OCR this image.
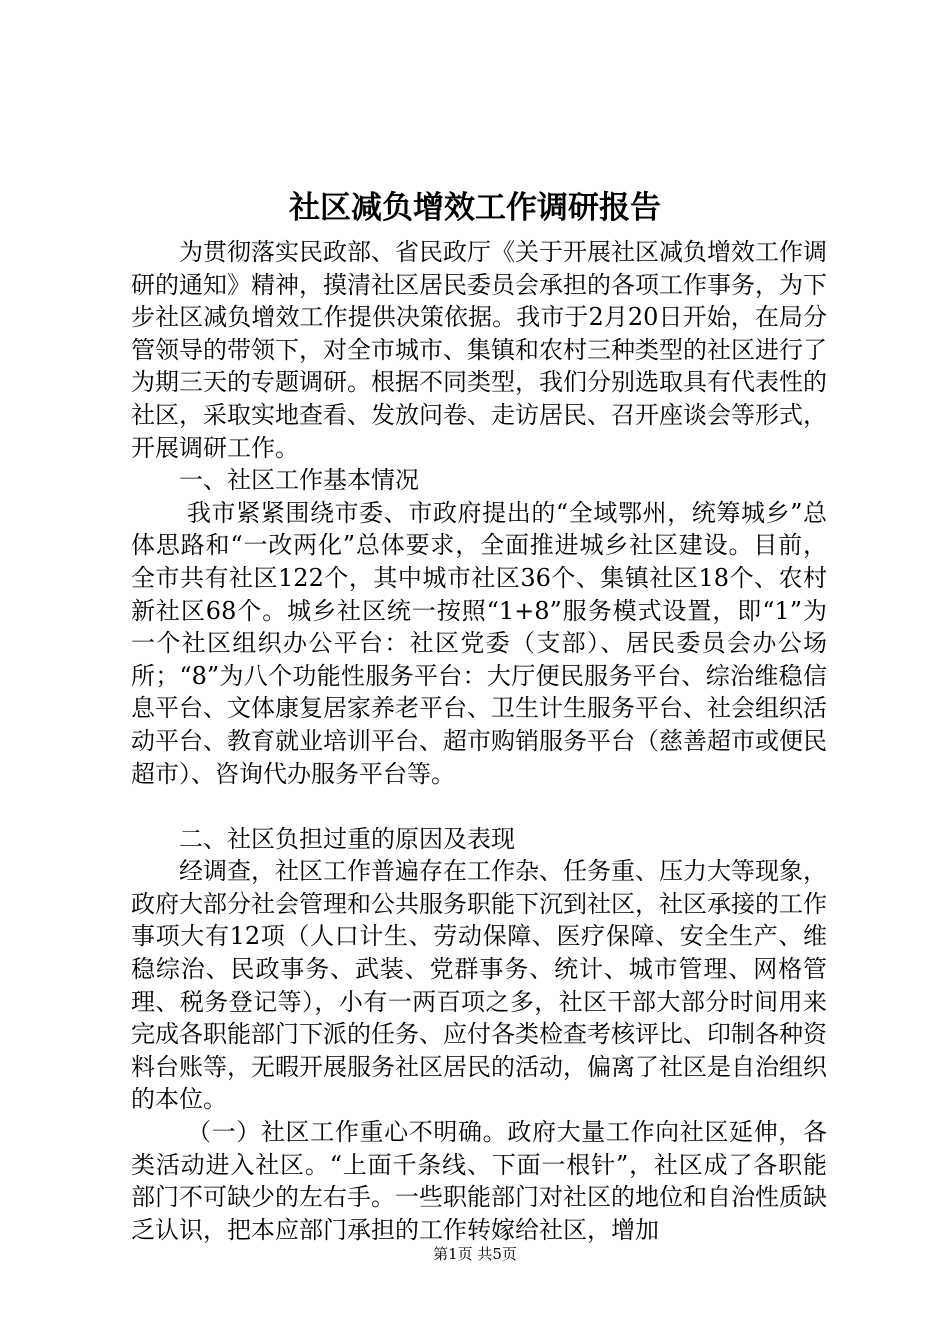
社区减负增效工作调研报告

为贯彻落实民政部、省民政厅《关于开展社区减负增效工作调研的通知》精神，摸清社区居民委员会承担的各项工作事务，为下步社区减负增效工作提供决策依据。我市于2月20日开始，在局分管领导的带领下，对全市城市、集镇和农村三种类型的社区进行了为期三天的专题调研。根据不同类型，我们分别选取具有代表性的社区，采取实地查看、发放问卷、走访居民、召开座谈会等形式，开展调研工作。

一、社区工作基本情况

我市紧紧围绕市委、市政府提出的“全域鄂州，统筹城乡”总体思路和“一改两化”总体要求，全面推进城乡社区建设。目前，全市共有社区122个，其中城市社区36个、集镇社区18个、农村新社区68个。城乡社区统一按照“1+8”服务模式设置，即“1”为一个社区组织办公平台：社区党委（支部）、居民委员会办公场所；“8”为八个功能性服务平台：大厅便民服务平台、综治维稳信息平台、文体康复居家养老平台、卫生计生服务平台、社会组织活动平台、教育就业培训平台、超市购销服务平台（慈善超市或便民超市）、咨询代办服务平台等。

二、社区负担过重的原因及表现

经调查，社区工作普遍存在工作杂、任务重、压力大等现象，政府大部分社会管理和公共服务职能下沉到社区，社区承接的工作事项大有12项（人口计生、劳动保障、医疗保障、安全生产、维稳综治、民政事务、武装、党群事务、统计、城市管理、网格管理、税务登记等），小有一两百项之多，社区干部大部分时间用来完成各职能部门下派的任务、应付各类检查考核评比、印制各种资料台账等，无暇开展服务社区居民的活动，偏离了社区是自治组织的本位。

（一）社区工作重心不明确。政府大量工作向社区延伸，各类活动进入社区。“上面千条线、下面一根针”，社区成了各职能部门不可缺少的左右手。一些职能部门对社区的地位和自治性质缺乏认识，把本应部门承担的工作转嫁给社区，增加

第1页 共5页
